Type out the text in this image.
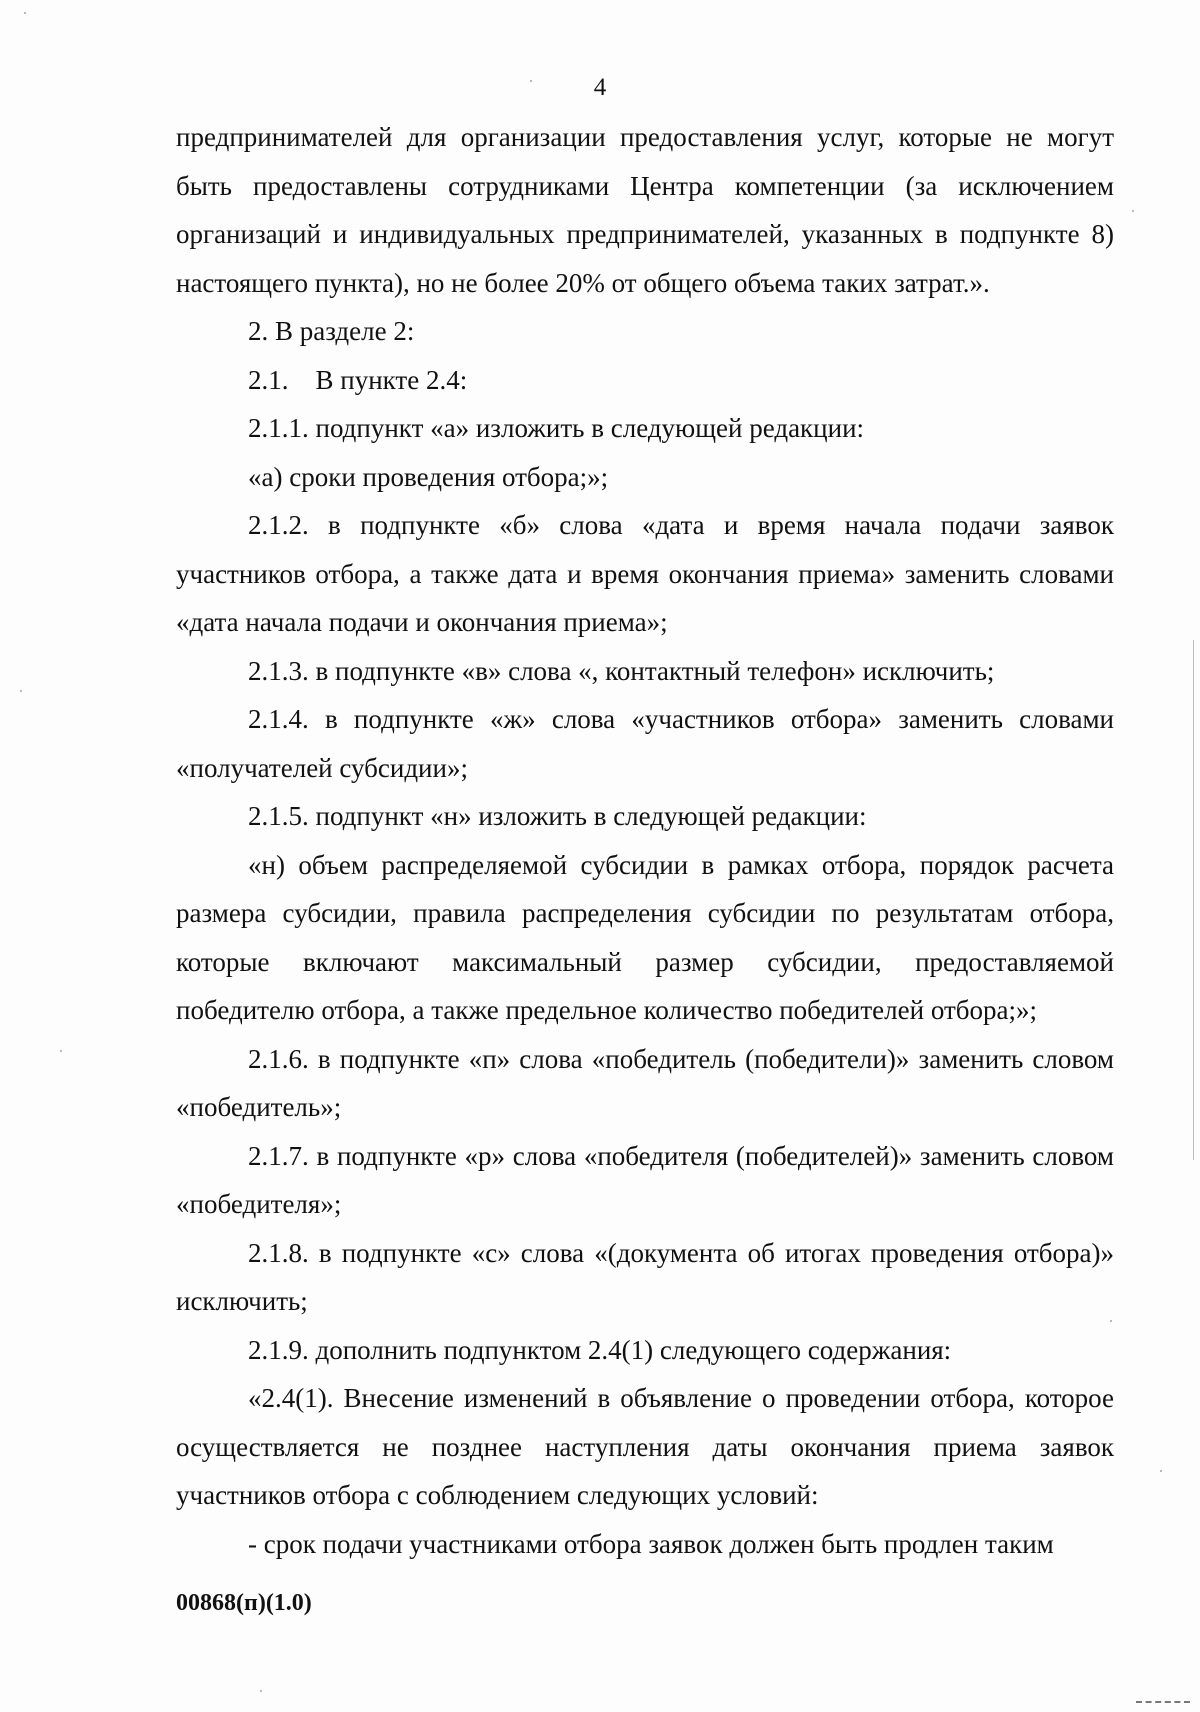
4

предпринимателей для организации предоставления услуг, которые не могут быть предоставлены сотрудниками Центра компетенции (за исключением организаций и индивидуальных предпринимателей, указанных в подпункте 8) настоящего пункта), но не более 20% от общего объема таких затрат.».

2. В разделе 2:

2.1.    В пункте 2.4:

2.1.1. подпункт «а» изложить в следующей редакции:

«а) сроки проведения отбора;»;

2.1.2. в подпункте «б» слова «дата и время начала подачи заявок участников отбора, а также дата и время окончания приема» заменить словами «дата начала подачи и окончания приема»;

2.1.3. в подпункте «в» слова «, контактный телефон» исключить;

2.1.4. в подпункте «ж» слова «участников отбора» заменить словами «получателей субсидии»;

2.1.5. подпункт «н» изложить в следующей редакции:

«н) объем распределяемой субсидии в рамках отбора, порядок расчета размера субсидии, правила распределения субсидии по результатам отбора, которые включают максимальный размер субсидии, предоставляемой победителю отбора, а также предельное количество победителей отбора;»;

2.1.6. в подпункте «п» слова «победитель (победители)» заменить словом «победитель»;

2.1.7. в подпункте «р» слова «победителя (победителей)» заменить словом «победителя»;

2.1.8. в подпункте «с» слова «(документа об итогах проведения отбора)» исключить;

2.1.9. дополнить подпунктом 2.4(1) следующего содержания:

«2.4(1). Внесение изменений в объявление о проведении отбора, которое осуществляется не позднее наступления даты окончания приема заявок участников отбора с соблюдением следующих условий:

- срок подачи участниками отбора заявок должен быть продлен таким

00868(п)(1.0)
